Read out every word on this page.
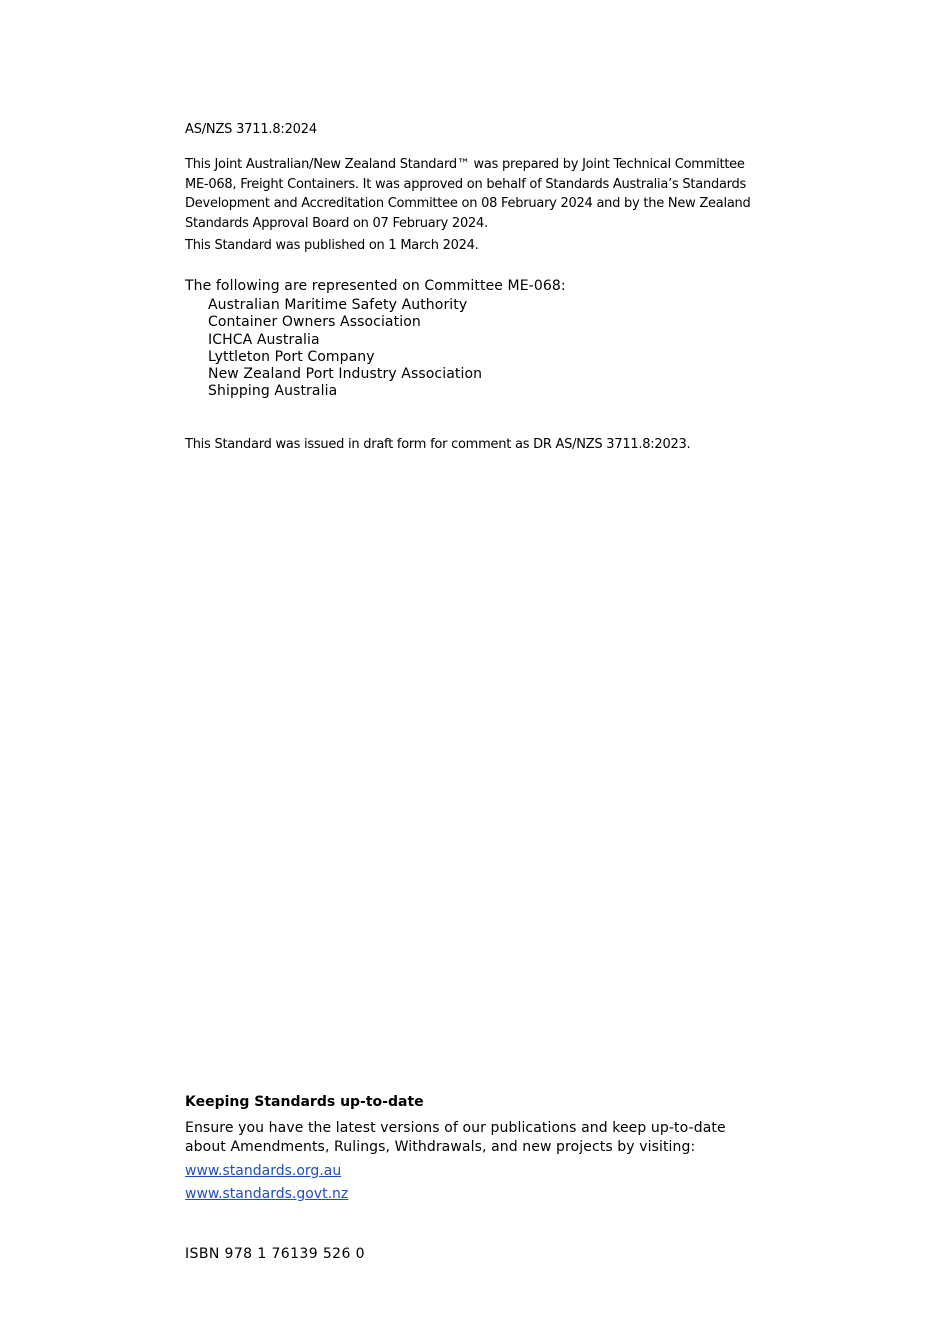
AS/NZS 3711.8:2024
This Joint Australian/New Zealand Standard™ was prepared by Joint Technical Committee ME-068, Freight Containers. It was approved on behalf of Standards Australia’s Standards Development and Accreditation Committee on 08 February 2024 and by the New Zealand Standards Approval Board on 07 February 2024.
This Standard was published on 1 March 2024.
The following are represented on Committee ME-068:
Australian Maritime Safety Authority
Container Owners Association
ICHCA Australia
Lyttleton Port Company
New Zealand Port Industry Association
Shipping Australia
This Standard was issued in draft form for comment as DR AS/NZS 3711.8:2023.
Keeping Standards up-to-date

Ensure you have the latest versions of our publications and keep up-to-date about Amendments, Rulings, Withdrawals, and new projects by visiting:

www.standards.org.au
www.standards.govt.nz
ISBN 978 1 76139 526 0
